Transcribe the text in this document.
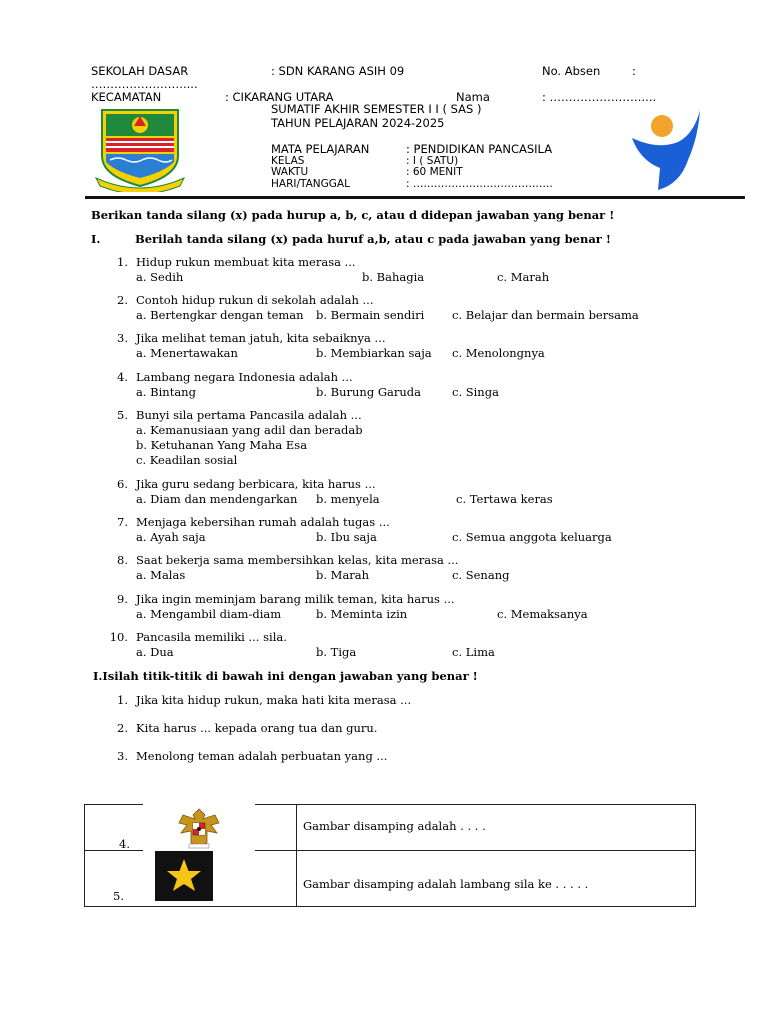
SEKOLAH DASAR	: SDN KARANG ASIH 09	No. Absen	:
……………………....
KECAMATAN	: CIKARANG UTARA	Nama	: ……………………....
SUMATIF AKHIR SEMESTER I I ( SAS )
TAHUN PELAJARAN 2024-2025
MATA PELAJARAN	: PENDIDIKAN PANCASILA
KELAS	: I ( SATU)
WAKTU	: 60 MENIT
HARI/TANGGAL	: ………………………………….
Berikan tanda silang (x) pada hurup a, b, c, atau d didepan jawaban yang benar !
I.	Berilah tanda silang (x) pada huruf a,b, atau c pada jawaban yang benar !
1. Hidup rukun membuat kita merasa ...
a. Sedih	b. Bahagia	c. Marah
2. Contoh hidup rukun di sekolah adalah ...
a. Bertengkar dengan teman b. Bermain sendiri c. Belajar dan bermain bersama
3. Jika melihat teman jatuh, kita sebaiknya ...
a. Menertawakan	b. Membiarkan saja c. Menolongnya
4. Lambang negara Indonesia adalah ...
a. Bintang	b. Burung Garuda	c. Singa
5. Bunyi sila pertama Pancasila adalah ...
a. Kemanusiaan yang adil dan beradab
b. Ketuhanan Yang Maha Esa
c. Keadilan sosial
6. Jika guru sedang berbicara, kita harus ...
a. Diam dan mendengarkan b. menyela	c. Tertawa keras
7. Menjaga kebersihan rumah adalah tugas ...
a. Ayah saja	b. Ibu saja	c. Semua anggota keluarga
8. Saat bekerja sama membersihkan kelas, kita merasa ...
a. Malas	b. Marah	c. Senang
9. Jika ingin meminjam barang milik teman, kita harus ...
a. Mengambil diam-diam	b. Meminta izin	c. Memaksanya
10. Pancasila memiliki ... sila.
a. Dua	b. Tiga	c. Lima
I.Isilah titik-titik di bawah ini dengan jawaban yang benar !
1. Jika kita hidup rukun, maka hati kita merasa ...
2. Kita harus ... kepada orang tua dan guru.
3. Menolong teman adalah perbuatan yang ...
4.	Gambar disamping adalah . . . .

5.	Gambar disamping adalah lambang sila ke . . . . .
